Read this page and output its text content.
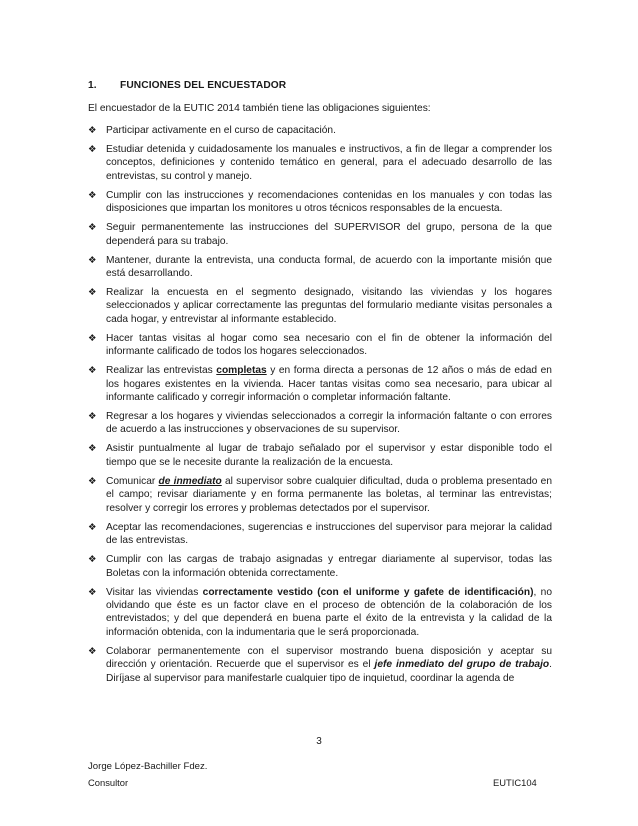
1. FUNCIONES DEL ENCUESTADOR
El encuestador de la EUTIC 2014 también tiene las obligaciones siguientes:
❖ Participar activamente en el curso de capacitación.
❖ Estudiar detenida y cuidadosamente los manuales e instructivos, a fin de llegar a comprender los conceptos, definiciones y contenido temático en general, para el adecuado desarrollo de las entrevistas, su control y manejo.
❖ Cumplir con las instrucciones y recomendaciones contenidas en los manuales y con todas las disposiciones que impartan los monitores u otros técnicos responsables de la encuesta.
❖ Seguir permanentemente las instrucciones del SUPERVISOR del grupo, persona de la que dependerá para su trabajo.
❖ Mantener, durante la entrevista, una conducta formal, de acuerdo con la importante misión que está desarrollando.
❖ Realizar la encuesta en el segmento designado, visitando las viviendas y los hogares seleccionados y aplicar correctamente las preguntas del formulario mediante visitas personales a cada hogar, y entrevistar al informante establecido.
❖ Hacer tantas visitas al hogar como sea necesario con el fin de obtener la información del informante calificado de todos los hogares seleccionados.
❖ Realizar las entrevistas completas y en forma directa a personas de 12 años o más de edad en los hogares existentes en la vivienda. Hacer tantas visitas como sea necesario, para ubicar al informante calificado y corregir información o completar información faltante.
❖ Regresar a los hogares y viviendas seleccionados a corregir la información faltante o con errores de acuerdo a las instrucciones y observaciones de su supervisor.
❖ Asistir puntualmente al lugar de trabajo señalado por el supervisor y estar disponible todo el tiempo que se le necesite durante la realización de la encuesta.
❖ Comunicar de inmediato al supervisor sobre cualquier dificultad, duda o problema presentado en el campo; revisar diariamente y en forma permanente las boletas, al terminar las entrevistas; resolver y corregir los errores y problemas detectados por el supervisor.
❖ Aceptar las recomendaciones, sugerencias e instrucciones del supervisor para mejorar la calidad de las entrevistas.
❖ Cumplir con las cargas de trabajo asignadas y entregar diariamente al supervisor, todas las Boletas con la información obtenida correctamente.
❖ Visitar las viviendas correctamente vestido (con el uniforme y gafete de identificación), no olvidando que éste es un factor clave en el proceso de obtención de la colaboración de los entrevistados; y del que dependerá en buena parte el éxito de la entrevista y la calidad de la información obtenida, con la indumentaria que le será proporcionada.
❖ Colaborar permanentemente con el supervisor mostrando buena disposición y aceptar su dirección y orientación. Recuerde que el supervisor es el jefe inmediato del grupo de trabajo. Diríjase al supervisor para manifestarle cualquier tipo de inquietud, coordinar la agenda de
3
Jorge López-Bachiller Fdez.
Consultor	EUTIC104
